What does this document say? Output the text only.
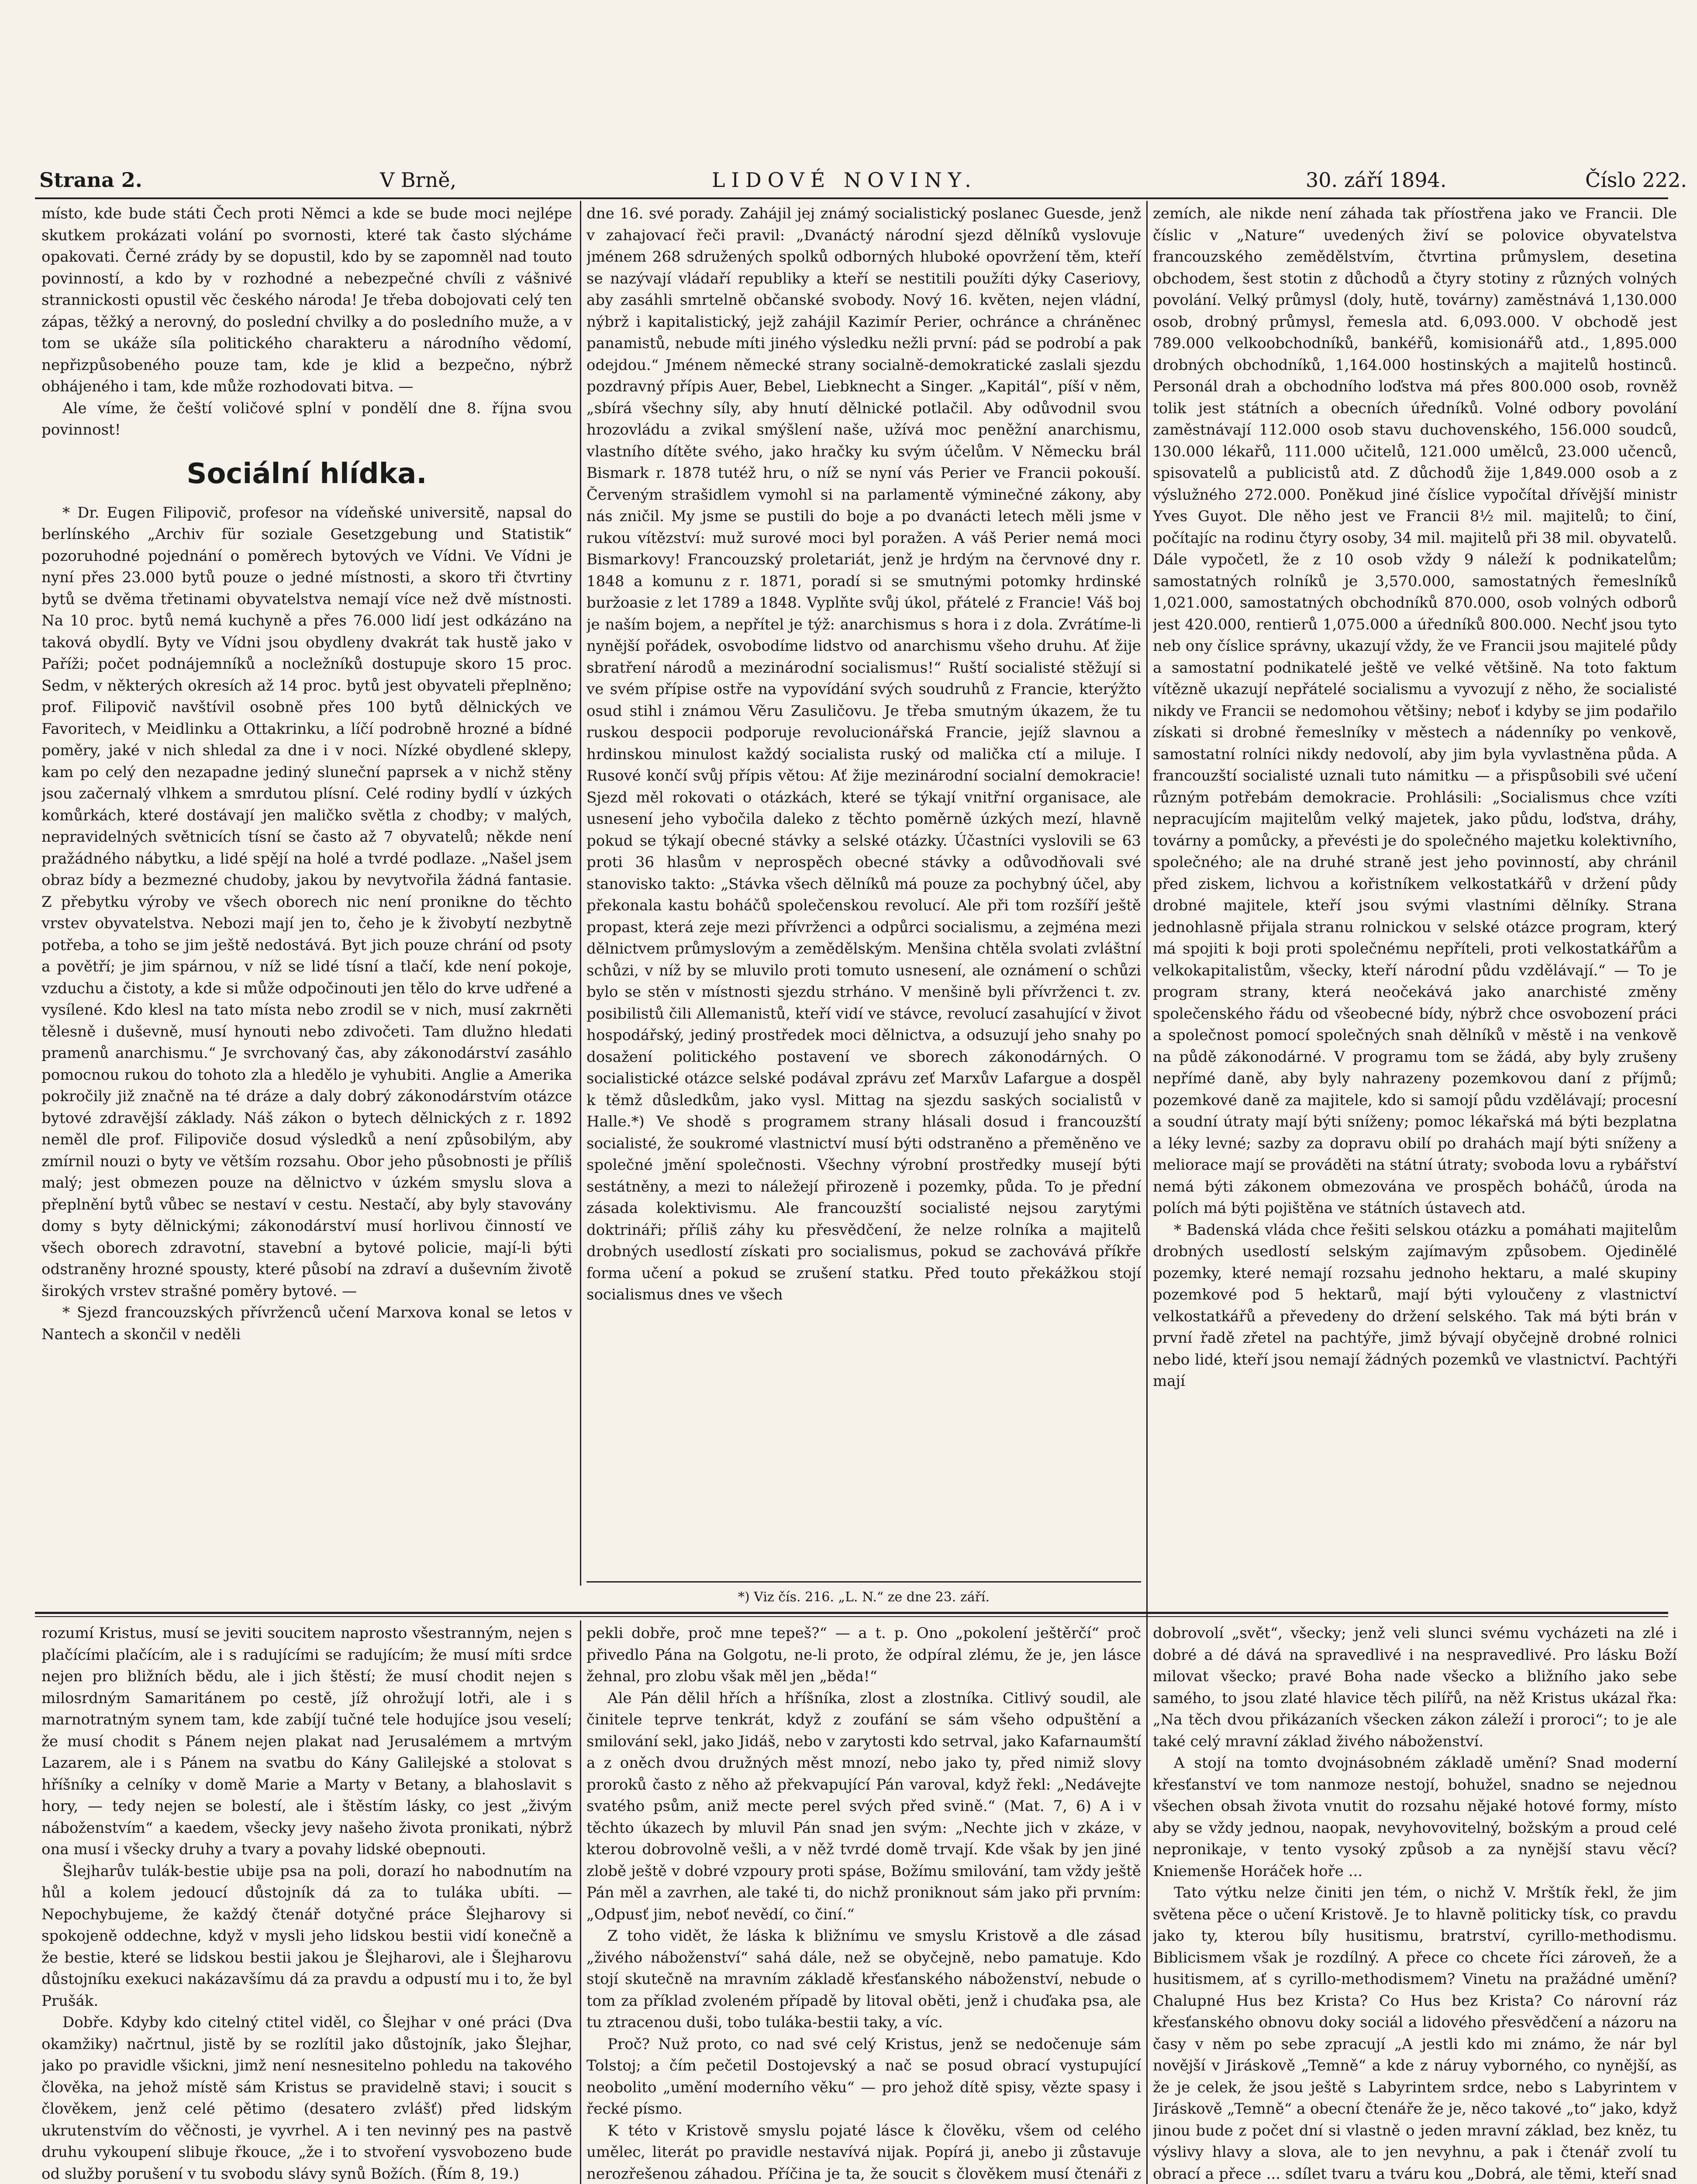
Strana 2.	V Brně,	LIDOVÉ NOVINY.	30. září 1894.	Číslo 222.

místo, kde bude státi Čech proti Němci a kde se bude moci nejlépe skutkem prokázati volání po svornosti, které tak často slýcháme opakovati. Černé zrády by se dopustil, kdo by se zapomněl nad touto povinností, a kdo by v rozhodné a nebezpečné chvíli z vášnivé strannickosti opustil věc českého národa! Je třeba dobojovati celý ten zápas, těžký a nerovný, do poslední chvilky a do posledního muže, a v tom se ukáže síla politického charakteru a národního vědomí, nepřizpůsobeného pouze tam, kde je klid a bezpečno, nýbrž obhájeného i tam, kde může rozhodovati bitva. —

Ale víme, že čeští voličové splní v pondělí dne 8. října svou povinnost!

Sociální hlídka.

* Dr. Eugen Filipovič, profesor na vídeňské universitě, napsal do berlínského „Archiv für soziale Gesetzgebung und Statistik“ pozoruhodné pojednání o poměrech bytových ve Vídni. Ve Vídni je nyní přes 23.000 bytů pouze o jedné místnosti, a skoro tři čtvrtiny bytů se dvěma třetinami obyvatelstva nemají více než dvě místnosti. Na 10 proc. bytů nemá kuchyně a přes 76.000 lidí jest odkázáno na taková obydlí. Byty ve Vídni jsou obydleny dvakrát tak hustě jako v Paříži; počet podnájemníků a nocležníků dostupuje skoro 15 proc. Sedm, v některých okresích až 14 proc. bytů jest obyvateli přeplněno; prof. Filipovič navštívil osobně přes 100 bytů dělnických ve Favoritech, v Meidlinku a Ottakrinku, a líčí podrobně hrozné a bídné poměry, jaké v nich shledal za dne i v noci. Nízké obydlené sklepy, kam po celý den nezapadne jediný sluneční paprsek a v nichž stěny jsou začernalý vlhkem a smrdutou plísní. Celé rodiny bydlí v úzkých komůrkách, které dostávají jen maličko světla z chodby; v malých, nepravidelných světnicích tísní se často až 7 obyvatelů; někde není pražádného nábytku, a lidé spějí na holé a tvrdé podlaze. „Našel jsem obraz bídy a bezmezné chudoby, jakou by nevytvořila žádná fantasie. Z přebytku výroby ve všech oborech nic není pronikne do těchto vrstev obyvatelstva. Nebozi mají jen to, čeho je k živobytí nezbytně potřeba, a toho se jim ještě nedostává. Byt jich pouze chrání od psoty a povětří; je jim spárnou, v níž se lidé tísní a tlačí, kde není pokoje, vzduchu a čistoty, a kde si může odpočinouti jen tělo do krve udřené a vysílené. Kdo klesl na tato místa nebo zrodil se v nich, musí zakrněti tělesně i duševně, musí hynouti nebo zdivočeti. Tam dlužno hledati pramenů anarchismu.“ Je svrchovaný čas, aby zákonodárství zasáhlo pomocnou rukou do tohoto zla a hledělo je vyhubiti. Anglie a Amerika pokročily již značně na té dráze a daly dobrý zákonodárstvím otázce bytové zdravější základy. Náš zákon o bytech dělnických z r. 1892 neměl dle prof. Filipoviče dosud výsledků a není způsobilým, aby zmírnil nouzi o byty ve větším rozsahu. Obor jeho působnosti je příliš malý; jest obmezen pouze na dělnictvo v úzkém smyslu slova a přeplnění bytů vůbec se nestaví v cestu. Nestačí, aby byly stavovány domy s byty dělnickými; zákonodárství musí horlivou činností ve všech oborech zdravotní, stavební a bytové policie, mají-li býti odstraněny hrozné spousty, které působí na zdraví a duševním životě širokých vrstev strašné poměry bytové. —

* Sjezd francouzských přívrženců učení Marxova konal se letos v Nantech a skončil v neděli

dne 16. své porady. Zahájil jej známý socialistický poslanec Guesde, jenž v zahajovací řeči pravil: „Dvanáctý národní sjezd dělníků vyslovuje jménem 268 sdružených spolků odborných hluboké opovržení těm, kteří se nazývají vládaří republiky a kteří se nestitili použíti dýky Caseriovy, aby zasáhli smrtelně občanské svobody. Nový 16. květen, nejen vládní, nýbrž i kapitalistický, jejž zahájil Kazimír Perier, ochránce a chráněnec panamistů, nebude míti jiného výsledku nežli první: pád se podrobí a pak odejdou.“ Jménem německé strany socialně-demokratické zaslali sjezdu pozdravný přípis Auer, Bebel, Liebknecht a Singer. „Kapitál“, píší v něm, „sbírá všechny síly, aby hnutí dělnické potlačil. Aby odůvodnil svou hrozovládu a zvikal smýšlení naše, užívá moc peněžní anarchismu, vlastního dítěte svého, jako hračky ku svým účelům. V Německu brál Bismark r. 1878 tutéž hru, o níž se nyní vás Perier ve Francii pokouší. Červeným strašidlem vymohl si na parlamentě výminečné zákony, aby nás zničil. My jsme se pustili do boje a po dvanácti letech měli jsme v rukou vítězství: muž surové moci byl poražen. A váš Perier nemá moci Bismarkovy! Francouzský proletariát, jenž je hrdým na červnové dny r. 1848 a komunu z r. 1871, poradí si se smutnými potomky hrdinské buržoasie z let 1789 a 1848. Vyplňte svůj úkol, přátelé z Francie! Váš boj je naším bojem, a nepřítel je týž: anarchismus s hora i z dola. Zvrátíme-li nynější pořádek, osvobodíme lidstvo od anarchismu všeho druhu. Ať žije sbratření národů a mezinárodní socialismus!“ Ruští socialisté stěžují si ve svém přípise ostře na vypovídání svých soudruhů z Francie, kterýžto osud stihl i známou Věru Zasuličovu. Je třeba smutným úkazem, že tu ruskou despocii podporuje revolucionářská Francie, jejíž slavnou a hrdinskou minulost každý socialista ruský od malička ctí a miluje. I Rusové končí svůj přípis větou: Ať žije mezinárodní socialní demokracie! Sjezd měl rokovati o otázkách, které se týkají vnitřní organisace, ale usnesení jeho vybočila daleko z těchto poměrně úzkých mezí, hlavně pokud se týkají obecné stávky a selské otázky. Účastníci vyslovili se 63 proti 36 hlasům v neprospěch obecné stávky a odůvodňovali své stanovisko takto: „Stávka všech dělníků má pouze za pochybný účel, aby překonala kastu boháčů společenskou revolucí. Ale při tom rozšíří ještě propast, která zeje mezi přívrženci a odpůrci socialismu, a zejména mezi dělnictvem průmyslovým a zemědělským. Menšina chtěla svolati zvláštní schůzi, v níž by se mluvilo proti tomuto usnesení, ale oznámení o schůzi bylo se stěn v místnosti sjezdu strháno. V menšině byli přívrženci t. zv. posibilistů čili Allemanistů, kteří vidí ve stávce, revolucí zasahující v život hospodářský, jediný prostředek moci dělnictva, a odsuzují jeho snahy po dosažení politického postavení ve sborech zákonodárných. O socialistické otázce selské podával zprávu zeť Marxův Lafargue a dospěl k těmž důsledkům, jako vysl. Mittag na sjezdu saských socialistů v Halle.*) Ve shodě s programem strany hlásali dosud i francouzští socialisté, že soukromé vlastnictví musí býti odstraněno a přeměněno ve společné jmění společnosti. Všechny výrobní prostředky musejí býti sestátněny, a mezi to náležejí přirozeně i pozemky, půda. To je přední zásada kolektivismu. Ale francouzští socialisté nejsou zarytými doktrináři; příliš záhy ku přesvědčení, že nelze rolníka a majitelů drobných usedlostí získati pro socialismus, pokud se zachovává příkře forma učení a pokud se zrušení statku. Před touto překážkou stojí socialismus dnes ve všech

*) Viz čís. 216. „L. N.“ ze dne 23. září.

zemích, ale nikde není záhada tak příostřena jako ve Francii. Dle číslic v „Nature“ uvedených živí se polovice obyvatelstva francouzského zemědělstvím, čtvrtina průmyslem, desetina obchodem, šest stotin z důchodů a čtyry stotiny z různých volných povolání. Velký průmysl (doly, hutě, továrny) zaměstnává 1,130.000 osob, drobný průmysl, řemesla atd. 6,093.000. V obchodě jest 789.000 velkoobchodníků, bankéřů, komisionářů atd., 1,895.000 drobných obchodníků, 1,164.000 hostinských a majitelů hostinců. Personál drah a obchodního loďstva má přes 800.000 osob, rovněž tolik jest státních a obecních úředníků. Volné odbory povolání zaměstnávají 112.000 osob stavu duchovenského, 156.000 soudců, 130.000 lékařů, 111.000 učitelů, 121.000 umělců, 23.000 učenců, spisovatelů a publicistů atd. Z důchodů žije 1,849.000 osob a z výslužného 272.000. Poněkud jiné číslice vypočítal dřívější ministr Yves Guyot. Dle něho jest ve Francii 8½ mil. majitelů; to činí, počítajíc na rodinu čtyry osoby, 34 mil. majitelů při 38 mil. obyvatelů. Dále vypočetl, že z 10 osob vždy 9 náleží k podnikatelům; samostatných rolníků je 3,570.000, samostatných řemeslníků 1,021.000, samostatných obchodníků 870.000, osob volných odborů jest 420.000, rentierů 1,075.000 a úředníků 800.000. Nechť jsou tyto neb ony číslice správny, ukazují vždy, že ve Francii jsou majitelé půdy a samostatní podnikatelé ještě ve velké většině. Na toto faktum vítězně ukazují nepřátelé socialismu a vyvozují z něho, že socialisté nikdy ve Francii se nedomohou většiny; neboť i kdyby se jim podařilo získati si drobné řemeslníky v městech a nádenníky po venkově, samostatní rolníci nikdy nedovolí, aby jim byla vyvlastněna půda. A francouzští socialisté uznali tuto námitku — a přispůsobili své učení různým potřebám demokracie. Prohlásili: „Socialismus chce vzíti nepracujícím majitelům velký majetek, jako půdu, loďstva, dráhy, továrny a pomůcky, a převésti je do společného majetku kolektivního, společného; ale na druhé straně jest jeho povinností, aby chránil před ziskem, lichvou a kořistníkem velkostatkářů v držení půdy drobné majitele, kteří jsou svými vlastními dělníky. Strana jednohlasně přijala stranu rolnickou v selské otázce program, který má spojiti k boji proti společnému nepříteli, proti velkostatkářům a velkokapitalistům, všecky, kteří národní půdu vzdělávají.“ — To je program strany, která neočekává jako anarchisté změny společenského řádu od všeobecné bídy, nýbrž chce osvobození práci a společnost pomocí společných snah dělníků v městě i na venkově na půdě zákonodárné. V programu tom se žádá, aby byly zrušeny nepřímé daně, aby byly nahrazeny pozemkovou daní z příjmů; pozemkové daně za majitele, kdo si samojí půdu vzdělávají; procesní a soudní útraty mají býti sníženy; pomoc lékařská má býti bezplatna a léky levné; sazby za dopravu obilí po drahách mají býti sníženy a meliorace mají se prováděti na státní útraty; svoboda lovu a rybářství nemá býti zákonem obmezována ve prospěch boháčů, úroda na polích má býti pojištěna ve státních ústavech atd.

* Badenská vláda chce řešiti selskou otázku a pomáhati majitelům drobných usedlostí selským zajímavým způsobem. Ojedinělé pozemky, které nemají rozsahu jednoho hektaru, a malé skupiny pozemkové pod 5 hektarů, mají býti vyloučeny z vlastnictví velkostatkářů a převedeny do držení selského. Tak má býti brán v první řadě zřetel na pachtýře, jimž bývají obyčejně drobné rolnici nebo lidé, kteří jsou nemají žádných pozemků ve vlastnictví. Pachtýři mají

rozumí Kristus, musí se jeviti soucitem naprosto všestranným, nejen s plačícími plačícím, ale i s radujícími se radujícím; že musí míti srdce nejen pro bližních bědu, ale i jich štěstí; že musí chodit nejen s milosrdným Samaritánem po cestě, jíž ohrožují lotři, ale i s marnotratným synem tam, kde zabíjí tučné tele hodujíce jsou veselí; že musí chodit s Pánem nejen plakat nad Jerusalémem a mrtvým Lazarem, ale i s Pánem na svatbu do Kány Galilejské a stolovat s hříšníky a celníky v domě Marie a Marty v Betany, a blahoslavit s hory, — tedy nejen se bolestí, ale i štěstím lásky, co jest „živým náboženstvím“ a kaedem, všecky jevy našeho života pronikati, nýbrž ona musí i všecky druhy a tvary a povahy lidské obepnouti.

Šlejharův tulák-bestie ubije psa na poli, dorazí ho nabodnutím na hůl a kolem jedoucí důstojník dá za to tuláka ubíti. — Nepochybujeme, že každý čtenář dotyčné práce Šlejharovy si spokojeně oddechne, když v mysli jeho lidskou bestii vidí konečně a že bestie, které se lidskou bestii jakou je Šlejharovi, ale i Šlejharovu důstojníku exekuci nakázavšímu dá za pravdu a odpustí mu i to, že byl Prušák.

Dobře. Kdyby kdo citelný ctitel viděl, co Šlejhar v oné práci (Dva okamžiky) načrtnul, jistě by se rozlítil jako důstojník, jako Šlejhar, jako po pravidle všickni, jimž není nesnesitelno pohledu na takového člověka, na jehož místě sám Kristus se pravidelně stavi; i soucit s člověkem, jenž celé pětimo (desatero zvlášť) před lidským ukrutenstvím do věčnosti, je vyvrhel. A i ten nevinný pes na pastvě druhu vykoupení slibuje řkouce, „že i to stvoření vysvobozeno bude od služby porušení v tu svobodu slávy synů Božích. (Řím 8, 19.)

pekli dobře, proč mne tepeš?“ — a t. p. Ono „pokolení ještěrčí“ proč přivedlo Pána na Golgotu, ne-li proto, že odpíral zlému, že je, jen lásce žehnal, pro zlobu však měl jen „běda!“

Ale Pán dělil hřích a hříšníka, zlost a zlostníka. Citlivý soudil, ale činitele teprve tenkrát, když z zoufání se sám všeho odpuštění a smilování sekl, jako Jidáš, nebo v zarytosti kdo setrval, jako Kafarnaumští a z oněch dvou družných měst mnozí, nebo jako ty, před nimiž slovy proroků často z něho až překvapující Pán varoval, když řekl: „Nedávejte svatého psům, aniž mecte perel svých před svině.“ (Mat. 7, 6) A i v těchto úkazech by mluvil Pán snad jen svým: „Nechte jich v zkáze, v kterou dobrovolně vešli, a v něž tvrdé domě trvají. Kde však by jen jiné zlobě ještě v dobré vzpoury proti spáse, Božímu smilování, tam vždy ještě Pán měl a zavrhen, ale také ti, do nichž proniknout sám jako při prvním: „Odpusť jim, neboť nevědí, co činí.“

Z toho vidět, že láska k bližnímu ve smyslu Kristově a dle zásad „živého náboženství“ sahá dále, než se obyčejně, nebo pamatuje. Kdo stojí skutečně na mravním základě křesťanského náboženství, nebude o tom za příklad zvoleném případě by litoval oběti, jenž i chuďaka psa, ale tu ztracenou duši, tobo tuláka-bestii taky, a víc.

Proč? Nuž proto, co nad své celý Kristus, jenž se nedočenuje sám Tolstoj; a čím pečetil Dostojevský a nač se posud obrací vystupující neobolito „umění moderního věku“ — pro jehož dítě spisy, vězte spasy i řecké písmo.

K této v Kristově smyslu pojaté lásce k člověku, všem od celého umělec, literát po pravidle nestavívá nijak. Popírá ji, anebo ji zůstavuje nerozřešenou záhadou. Příčina je ta, že soucit s člověkem musí čtenáři z

dobrovolí „svět“, všecky; jenž veli slunci svému vycházeti na zlé i dobré a dé dává na spravedlivé i na nespravedlivé. Pro lásku Boží milovat všecko; pravé Boha nade všecko a bližního jako sebe samého, to jsou zlaté hlavice těch pilířů, na něž Kristus ukázal řka: „Na těch dvou přikázaních všecken zákon záleží i proroci“; to je ale také celý mravní základ živého náboženství.

A stojí na tomto dvojnásobném základě umění? Snad moderní křesťanství ve tom nanmoze nestojí, bohužel, snadno se nejednou všechen obsah života vnutit do rozsahu nějaké hotové formy, místo aby se vždy jednou, naopak, nevyhovovitelný, božským a proud celé nepronikaje, v tento vysoký způsob a za nynější stavu věcí? Kniemenše Horáček hoře ...

Tato výtku nelze činiti jen tém, o nichž V. Mrštík řekl, že jim světena pěce o učení Kristově. Je to hlavně politicky tísk, co pravdu jako ty, kterou bíly husitismu, bratrství, cyrillo-methodismu. Biblicismem však je rozdílný. A přece co chcete říci zároveň, že a husitismem, ať s cyrillo-methodismem? Vinetu na pražádné umění? Chalupné Hus bez Krista? Co Hus bez Krista? Co nárovní ráz křesťanského obnovu doky sociál a lidového přesvědčení a názoru na časy v něm po sebe zpracují „A jestli kdo mi známo, že nár byl novější v Jiráskově „Temně“ a kde z náruy vyborného, co nynější, as že je celek, že jsou ještě s Labyrintem srdce, nebo s Labyrintem v Jiráskově „Temně“ a obecní čtenáře že je, něco takové „to“ jako, když jinou bude z počet dní si vlastně o jeden mravní základ, bez kněz, tu výslivy hlavy a slova, ale to jen nevyhnu, a pak i čtenář zvolí tu obrací a přece ... sdílet tvaru a tváru kou „Dobrá, ale těmi, kteří snad
